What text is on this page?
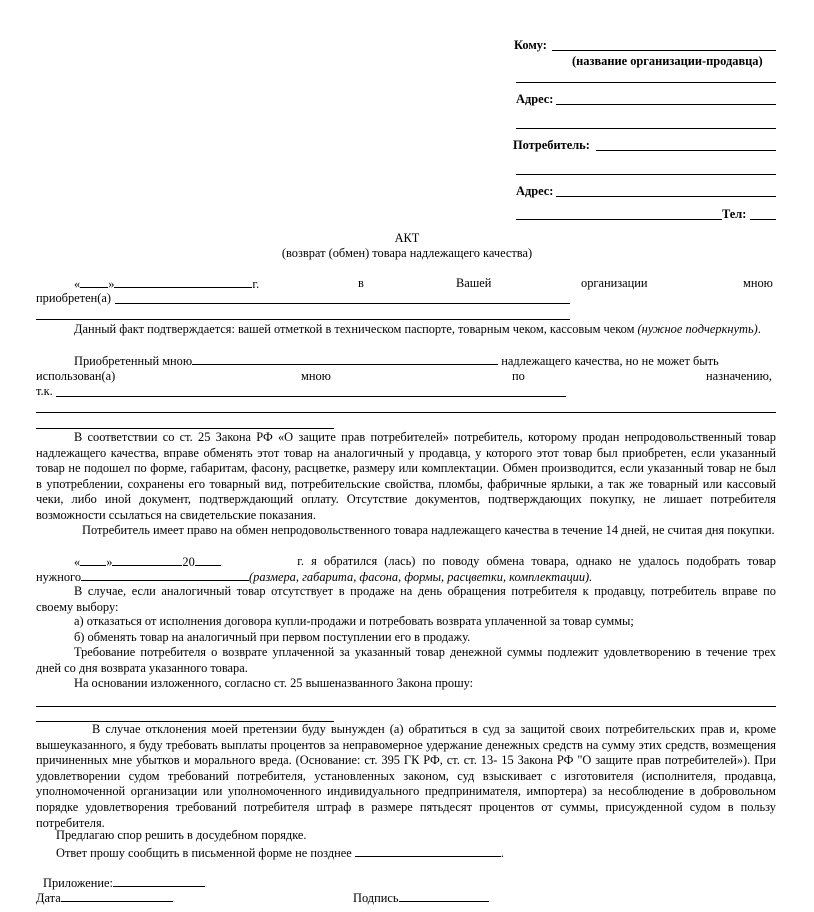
Кому:
(название организации-продавца)
Адрес:
Потребитель:
Адрес:
Тел:
АКТ
(возврат (обмен) товара надлежащего качества)
« »	г.	в	Вашей	организации	мною
приобретен(а)
Данный факт подтверждается: вашей отметкой в техническом паспорте, товарным чеком, кассовым чеком (нужное подчеркнуть).
Приобретенный мною	надлежащего качества, но не может быть
использован(а)	мною	по	назначению,
т.к.
В соответствии со ст. 25 Закона РФ «О защите прав потребителей» потребитель, которому продан непродовольственный товар надлежащего качества, вправе обменять этот товар на аналогичный у продавца, у которого этот товар был приобретен, если указанный товар не подошел по форме, габаритам, фасону, расцветке, размеру или комплектации. Обмен производится, если указанный товар не был в употреблении, сохранены его товарный вид, потребительские свойства, пломбы, фабричные ярлыки, а так же товарный или кассовый чеки, либо иной документ, подтверждающий оплату. Отсутствие документов, подтверждающих покупку, не лишает потребителя возможности ссылаться на свидетельские показания.
Потребитель имеет право на обмен непродовольственного товара надлежащего качества в течение 14 дней, не считая дня покупки.
« »	20	г. я обратился (лась) по поводу обмена товара, однако не удалось подобрать товар
нужного	(размера, габарита, фасона, формы, расцветки, комплектации).
В случае, если аналогичный товар отсутствует в продаже на день обращения потребителя к продавцу, потребитель вправе по своему выбору:
а) отказаться от исполнения договора купли-продажи и потребовать возврата уплаченной за товар суммы;
б) обменять товар на аналогичный при первом поступлении его в продажу.
Требование потребителя о возврате уплаченной за указанный товар денежной суммы подлежит удовлетворению в течение трех дней со дня возврата указанного товара.
На основании изложенного, согласно ст. 25 вышеназванного Закона прошу:
В случае отклонения моей претензии буду вынужден (а) обратиться в суд за защитой своих потребительских прав и, кроме вышеуказанного, я буду требовать выплаты процентов за неправомерное удержание денежных средств на сумму этих средств, возмещения причиненных мне убытков и морального вреда. (Основание: ст. 395 ГК РФ, ст. ст. 13- 15 Закона РФ "О защите прав потребителей»). При удовлетворении судом требований потребителя, установленных законом, суд взыскивает с изготовителя (исполнителя, продавца, уполномоченной организации или уполномоченного индивидуального предпринимателя, импортера) за несоблюдение в добровольном порядке удовлетворения требований потребителя штраф в размере пятьдесят процентов от суммы, присужденной судом в пользу потребителя.
Предлагаю спор решить в досудебном порядке.
Ответ прошу сообщить в письменной форме не позднее	.
Приложение:
Дата	Подпись
